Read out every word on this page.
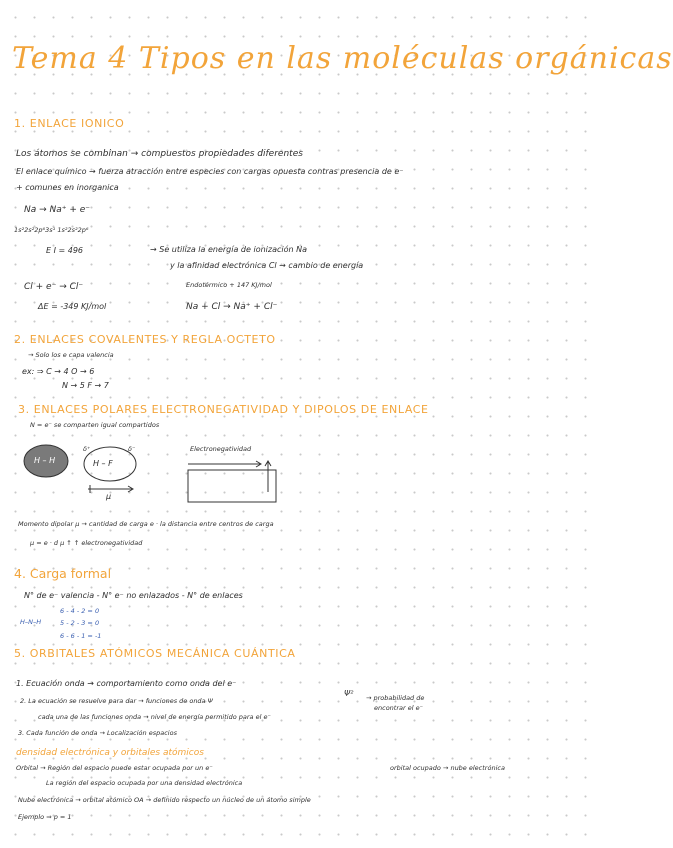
Tema 4 Tipos en las moléculas orgánicas
1. ENLACE IONICO
Los átomos se combinan → compuestos propiedades diferentes
El enlace químico → fuerza atracción entre especies con cargas opuesta contras presencia de e⁻
+ comunes en inorganica
Na → Na⁺ + e⁻
1s²2s²2p⁶3s¹ 1s²2s²2p⁶
E I = 496	→ Se utiliza la energía de ionización Na
y la afinidad electrónica Cl → cambio de energía
Cl + e⁻ → Cl⁻	Endotérmico + 147 KJ/mol
ΔE = -349 KJ/mol	Na + Cl → Na⁺ + Cl⁻
2. ENLACES COVALENTES Y REGLA OCTETO
→ Solo los e capa valencia
ex: ⇒ C → 4 O → 6
N → 5 F → 7
3. ENLACES POLARES ELECTRONEGATIVIDAD Y DIPOLOS DE ENLACE
N = e⁻ se comparten igual compartidos
H – H	H – F
δ⁺	δ⁻
μ
Electronegatividad
Momento dipolar μ → cantidad de carga e · la distancia entre centros de carga
μ = e · d μ ↑ ↑ electronegatividad
4. Carga formal
N° de e⁻ valencia - N° e⁻ no enlazados - N° de enlaces
H–N–H
6 - 4 - 2 = 0
5 - 2 - 3 = 0
6 - 6 - 1 = -1
5. ORBITALES ATÓMICOS MECÁNICA CUÁNTICA
1. Ecuación onda → comportamiento como onda del e⁻
2. La ecuación se resuelve para dar → funciones de onda Ψ
Ψ² → probabilidad de
encontrar el e⁻
cada una de las funciones onda → nivel de energía permitido para el e⁻
3. Cada función de onda → Localización espacios
densidad electrónica y orbitales atómicos
Orbital → Región del espacio puede estar ocupada por un e⁻	orbital ocupado → nube electrónica
La región del espacio ocupada por una densidad electrónica
Nube electrónica → orbital atómico OA → definido respecto un núcleo de un átomo simple
Ejemplo ⇒ p = 1
